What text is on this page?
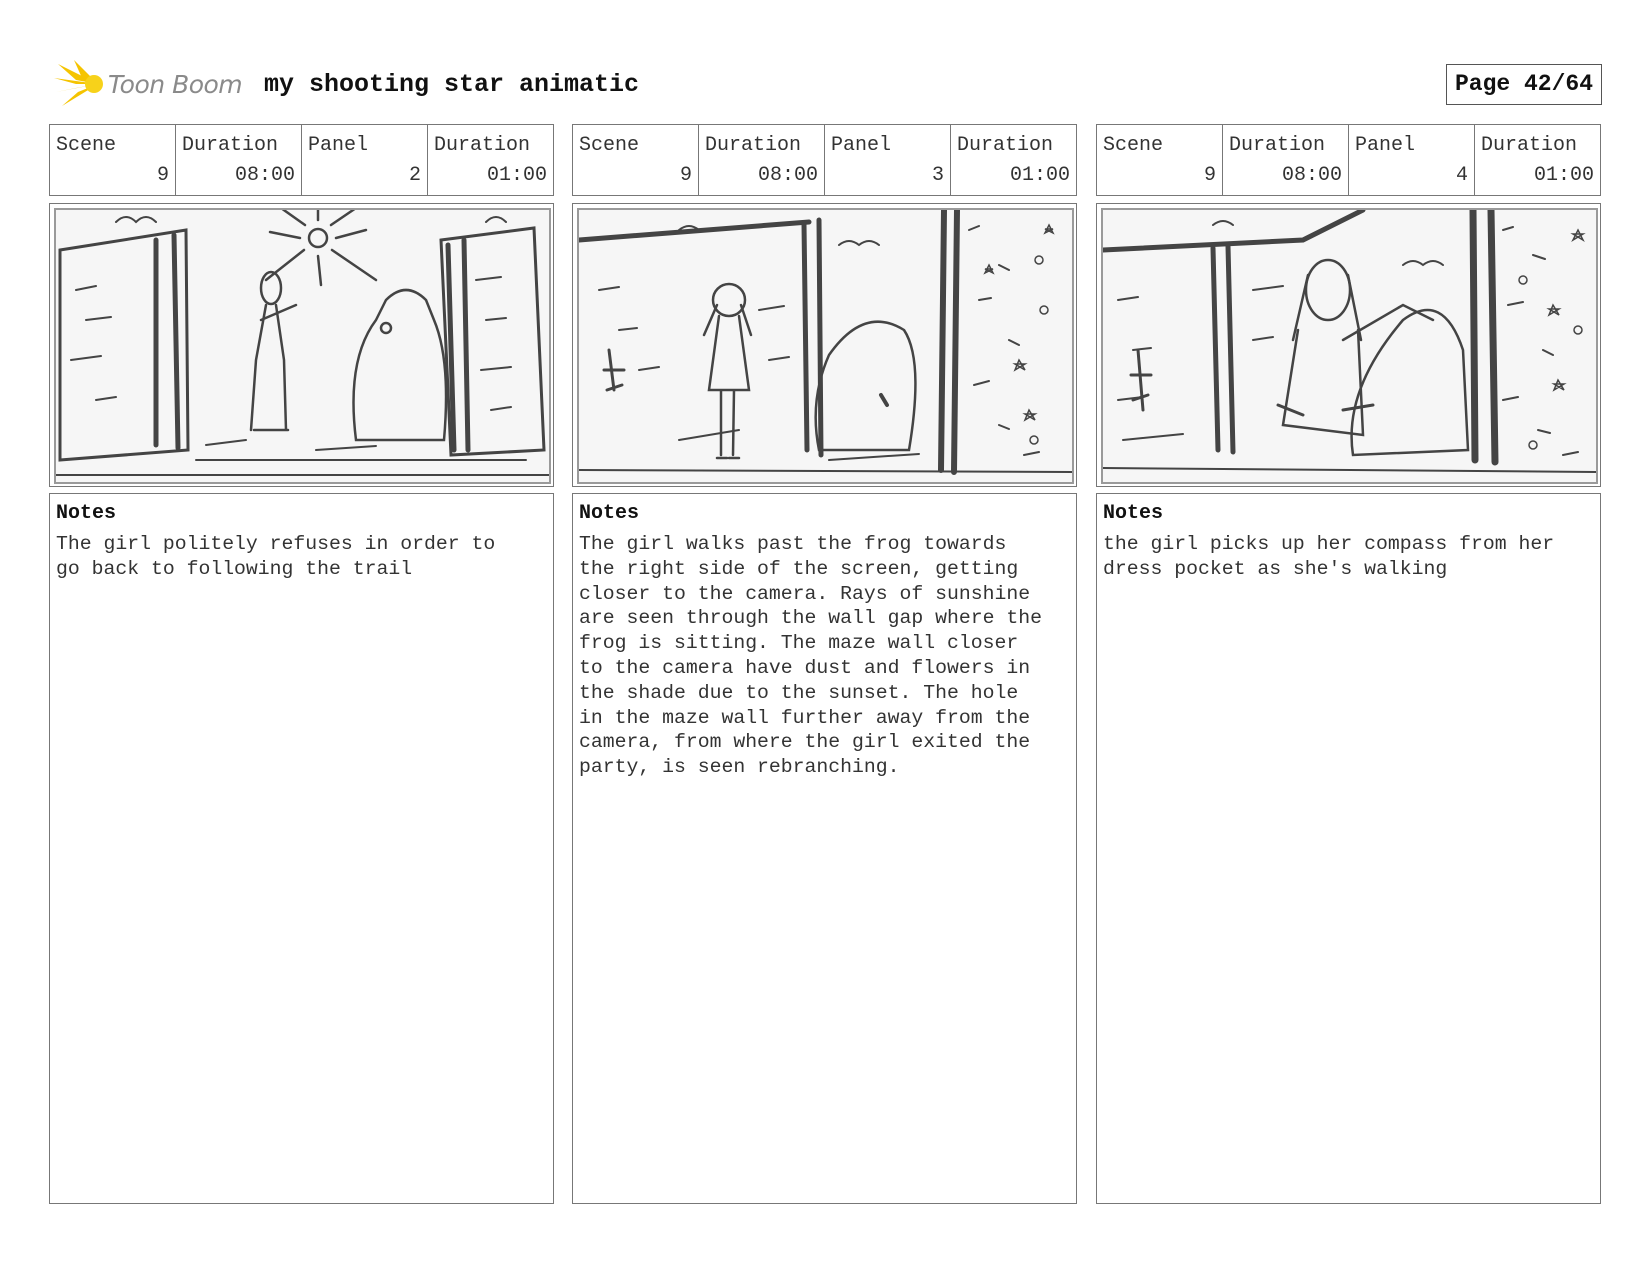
Toon Boom my shooting star animatic	Page 42/64
Scene
9
Duration
08:00
Panel
2
Duration
01:00
Notes
The girl politely refuses in order to
go back to following the trail
Scene
9
Duration
08:00
Panel
3
Duration
01:00
Notes
The girl walks past the frog towards
the right side of the screen, getting
closer to the camera. Rays of sunshine
are seen through the wall gap where the
frog is sitting. The maze wall closer
to the camera have dust and flowers in
the shade due to the sunset. The hole
in the maze wall further away from the
camera, from where the girl exited the
party, is seen rebranching.
Scene
9
Duration
08:00
Panel
4
Duration
01:00
Notes
the girl picks up her compass from her
dress pocket as she's walking
